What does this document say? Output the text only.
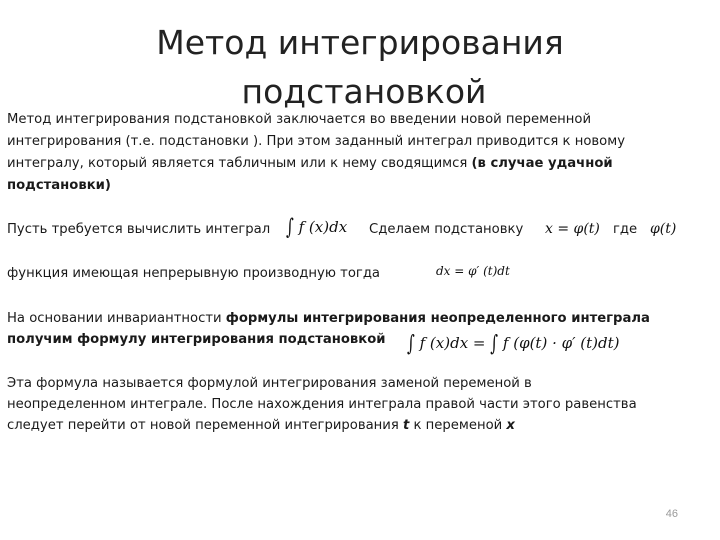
Метод интегрирования
подстановкой
Метод интегрирования подстановкой заключается во введении новой переменной
интегрирования (т.е. подстановки ). При этом заданный интеграл приводится к новому
интегралу, который является табличным или к нему сводящимся (в случае удачной
подстановки)
Пусть требуется вычислить интеграл ∫ f (x)dx Сделаем подстановку x = φ(t) где φ(t)
функция имеющая непрерывную производную тогда	dx = φ′ (t)dt
На основании инвариантности формулы интегрирования неопределенного интеграла
получим формулу интегрирования подстановкой ∫ f (x)dx = ∫ f (φ(t) · φ′ (t)dt)
Эта формула называется формулой интегрирования заменой переменой в
неопределенном интеграле. После нахождения интеграла правой части этого равенства
следует перейти от новой переменной интегрирования t к переменой x
46
